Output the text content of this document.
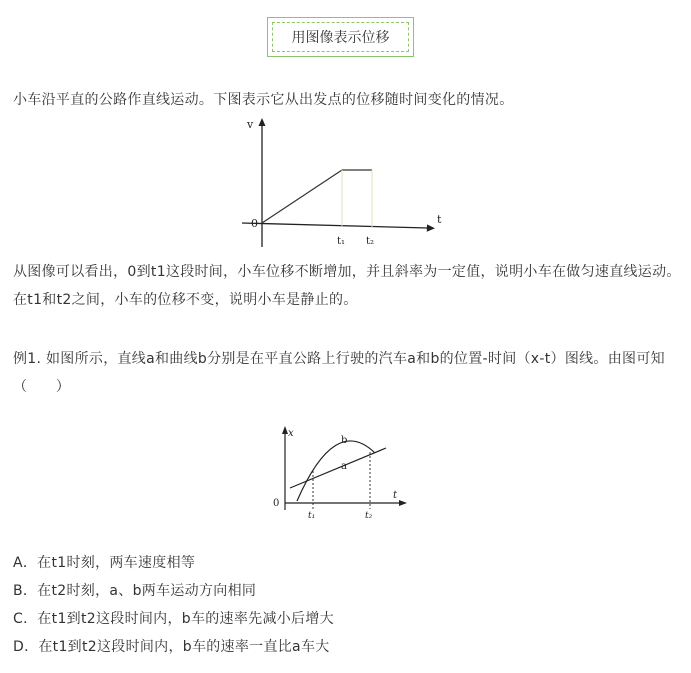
用图像表示位移

小车沿平直的公路作直线运动。下图表示它从出发点的位移随时间变化的情况。

v
t
0
t₁ t₂

从图像可以看出，0到t1这段时间，小车位移不断增加，并且斜率为一定值，说明小车在做匀速直线运动。在t1和t2之间，小车的位移不变，说明小车是静止的。

例1. 如图所示，直线a和曲线b分别是在平直公路上行驶的汽车a和b的位置-时间（x-t）图线。由图可知（　　）

x
t
0
b
a
t₁	t₂

A．在t1时刻，两车速度相等

B．在t2时刻，a、b两车运动方向相同

C．在t1到t2这段时间内，b车的速率先减小后增大

D．在t1到t2这段时间内，b车的速率一直比a车大
